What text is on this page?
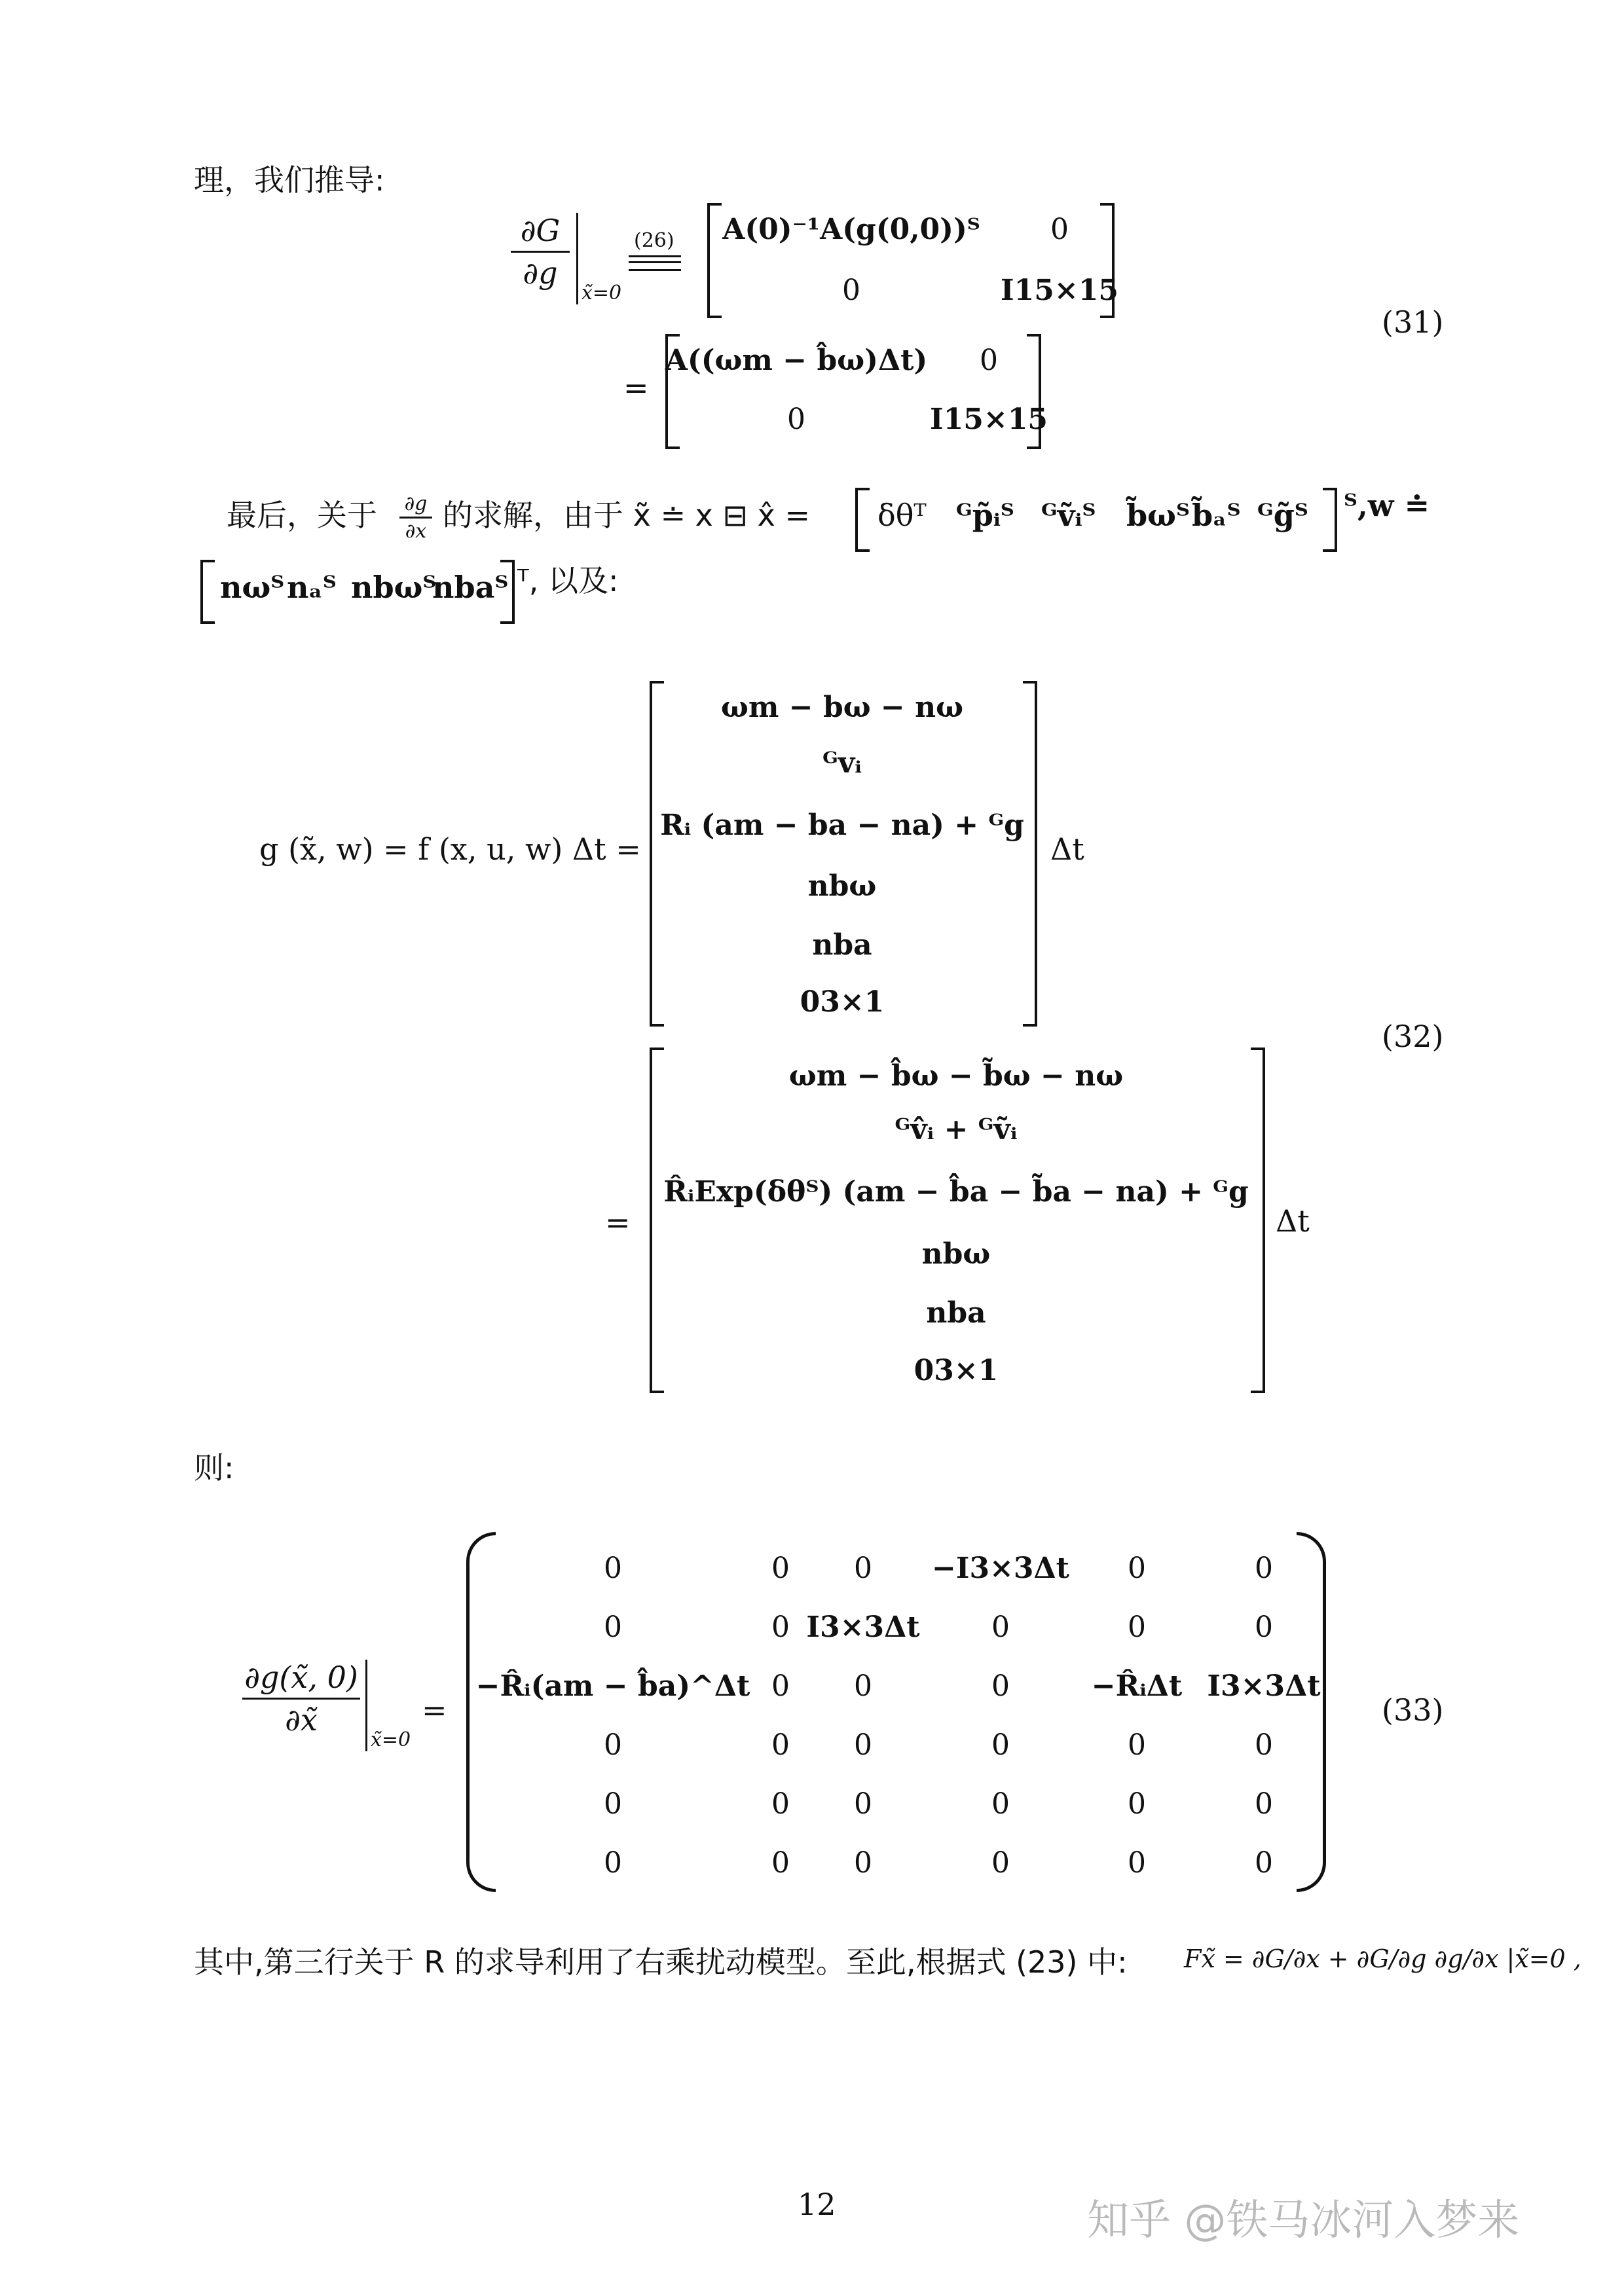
理，我们推导:
∂G
∂g
x̃=0
(26) A(0)⁻¹A(g(0,0))ᵀ 0
0	I15×15
=
A((ωm − b̂ω)Δt) 0
0	I15×15
(31)
最后，关于 ∂g
∂x 的求解，由于 x̃ ≐ x ⊟ x̂ = δθᵀ ᴳp̃ᵢᵀ ᴳṽᵢᵀ b̃ωᵀ b̃ₐᵀ ᴳg̃ᵀ ᵀ,w ≐
nωᵀ nₐᵀ nbωᵀ
nbaᵀ ᵀ, 以及:
g (x̃, w) = f (x, u, w) Δt =
ωm − bω − nω
ᴳvᵢ
Rᵢ (am − ba − na) + ᴳg
nbω
nba
03×1
Δt
=
ωm − b̂ω − b̃ω − nω
ᴳv̂ᵢ + ᴳṽᵢ
R̂ᵢExp(δθᵀ) (am − b̂a − b̃a − na) + ᴳg
nbω
nba
03×1
Δt
(32)
则:
∂g(x̃, 0)
∂x̃
x̃=0
=
0	0 0 −I3×3Δt 0	0
0	0 I3×3Δt 0	0	0
−R̂ᵢ(am − b̂a)^Δt 0 0	0	−R̂ᵢΔt I3×3Δt
0	0 0	0	0	0
0	0 0	0	0	0
0	0 0	0	0	0
(33)
其中,第三行关于 R 的求导利用了右乘扰动模型。至此,根据式 (23) 中: Fx̃ = ∂G/∂x + ∂G/∂g ∂g/∂x |x̃=0 ,
12	知乎 @铁马冰河入梦来
